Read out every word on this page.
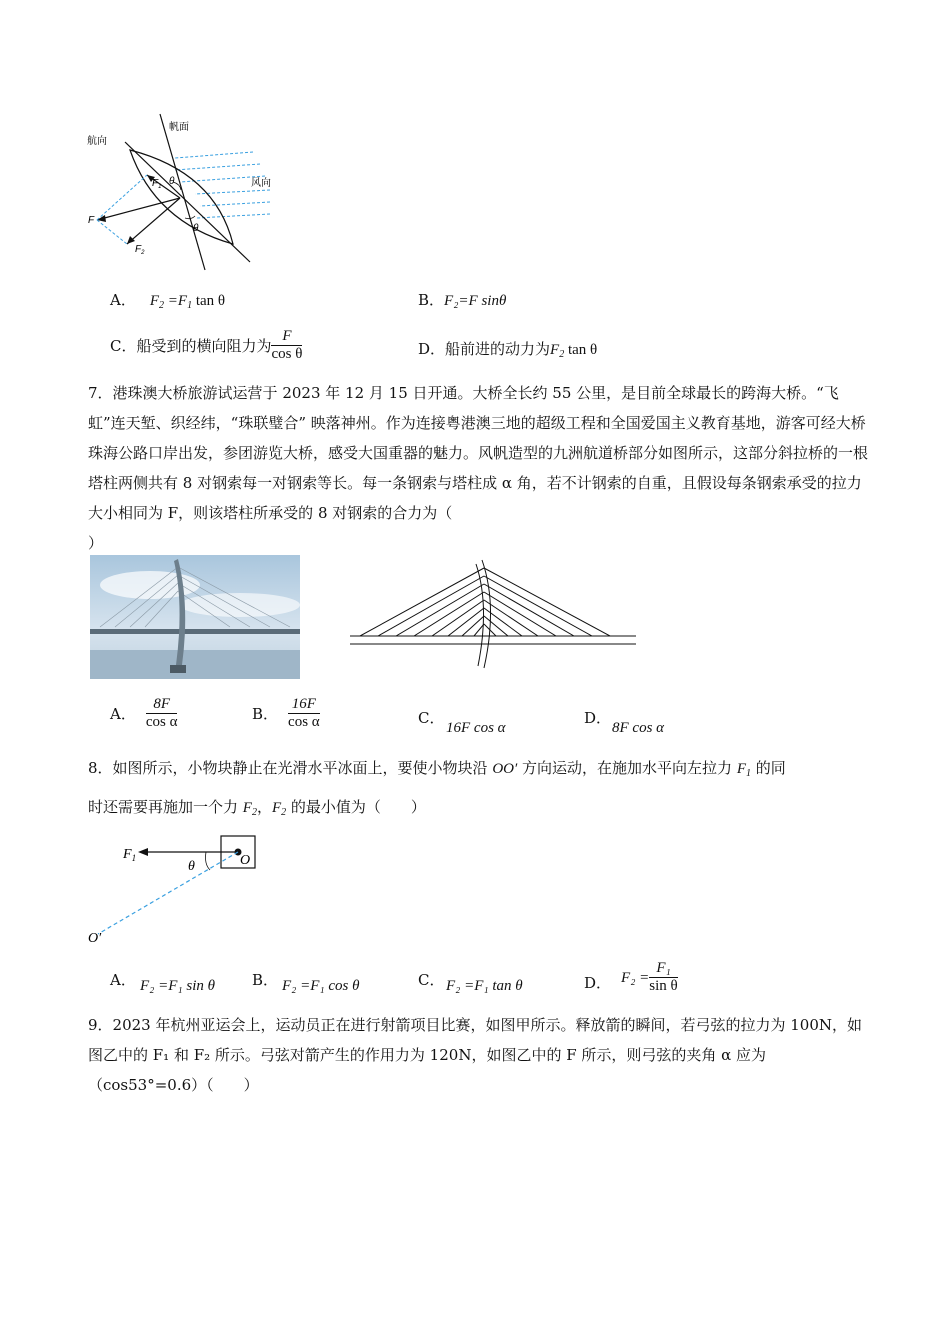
航向
帆面
风向
F
$F_1$
$F_2$
θ
θ
A． $F_2 =F_1$ tan θ	B．F₂=F sinθ
C．船受到的横向阻力为 $\frac{F}{\text{cos θ}}$	D．船前进的动力为$F_2$ tan θ
7．港珠澳大桥旅游试运营于 2023 年 12 月 15 日开通。大桥全长约 55 公里，是目前全球最长的跨海大桥。“飞虹”连天堑、织经纬，“珠联璧合” 映落神州。作为连接粤港澳三地的超级工程和全国爱国主义教育基地，游客可经大桥珠海公路口岸出发，参团游览大桥，感受大国重器的魅力。风帆造型的九洲航道桥部分如图所示，这部分斜拉桥的一根塔柱两侧共有 8 对钢索每一对钢索等长。每一条钢索与塔柱成 α 角，若不计钢索的自重，且假设每条钢索承受的拉力大小相同为 F，则该塔柱所承受的 8 对钢索的合力为（
）
A． $\frac{8F}{\text{cos α}}$	B． $\frac{16F}{\text{cos α}}$	C．
16F cos α
D．
8F cos α
8．如图所示，小物块静止在光滑水平冰面上，要使小物块沿 OO′ 方向运动，在施加水平向左拉力 $F_1$ 的同
时还需要再施加一个力 $F_2$，$F_2$ 的最小值为（　　）
$F_1$
θ	O
O′
A． F₂ =F₁ sin θ B． F₂ =F₁ cos θ	C． F₂ =F₁ tan θ	D． $F_2 = \frac{\text{F₁}}{\text{sin θ}}$
9．2023 年杭州亚运会上，运动员正在进行射箭项目比赛，如图甲所示。释放箭的瞬间，若弓弦的拉力为 100N，如图乙中的 F₁ 和 F₂ 所示。弓弦对箭产生的作用力为 120N，如图乙中的 F 所示，则弓弦的夹角 α 应为（cos53°=0.6）（　　）
